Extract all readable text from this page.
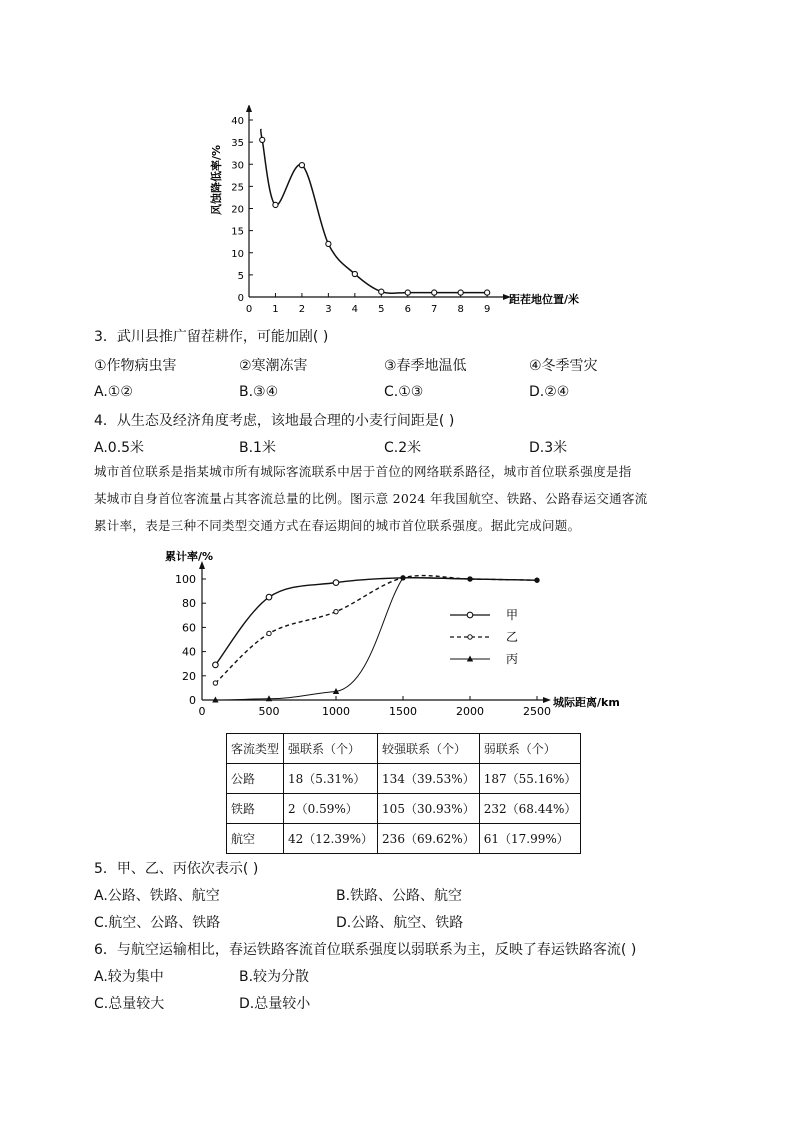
0
5
10
15
20
25
30
35
40
0 1 2 3 4 5 6 7 8 9
风蚀降低率/%
距茬地位置/米
3．武川县推广留茬耕作，可能加剧( )
①作物病虫害	②寒潮冻害	③春季地温低	④冬季雪灾
A.①②	B.③④	C.①③	D.②④
4．从生态及经济角度考虑，该地最合理的小麦行间距是( )
A.0.5米	B.1米	C.2米	D.3米

城市首位联系是指某城市所有城际客流联系中居于首位的网络联系路径，城市首位联系强度是指

某城市自身首位客流量占其客流总量的比例。图示意 2024 年我国航空、铁路、公路春运交通客流

累计率，表是三种不同类型交通方式在春运期间的城市首位联系强度。据此完成问题。

0
20
40
60
80
100
0	500	1000	1500	2000	2500
甲
乙
丙
累计率/%
城际距离/km
客流类型	强联系（个）	较强联系（个）	弱联系（个）
公路	18（5.31%）	134（39.53%）	187（55.16%）
铁路	2（0.59%）	105（30.93%）	232（68.44%）
航空	42（12.39%）	236（69.62%）	61（17.99%）
5．甲、乙、丙依次表示( )
A.公路、铁路、航空	B.铁路、公路、航空
C.航空、公路、铁路	D.公路、航空、铁路
6．与航空运输相比，春运铁路客流首位联系强度以弱联系为主，反映了春运铁路客流( )
A.较为集中	B.较为分散
C.总量较大	D.总量较小
